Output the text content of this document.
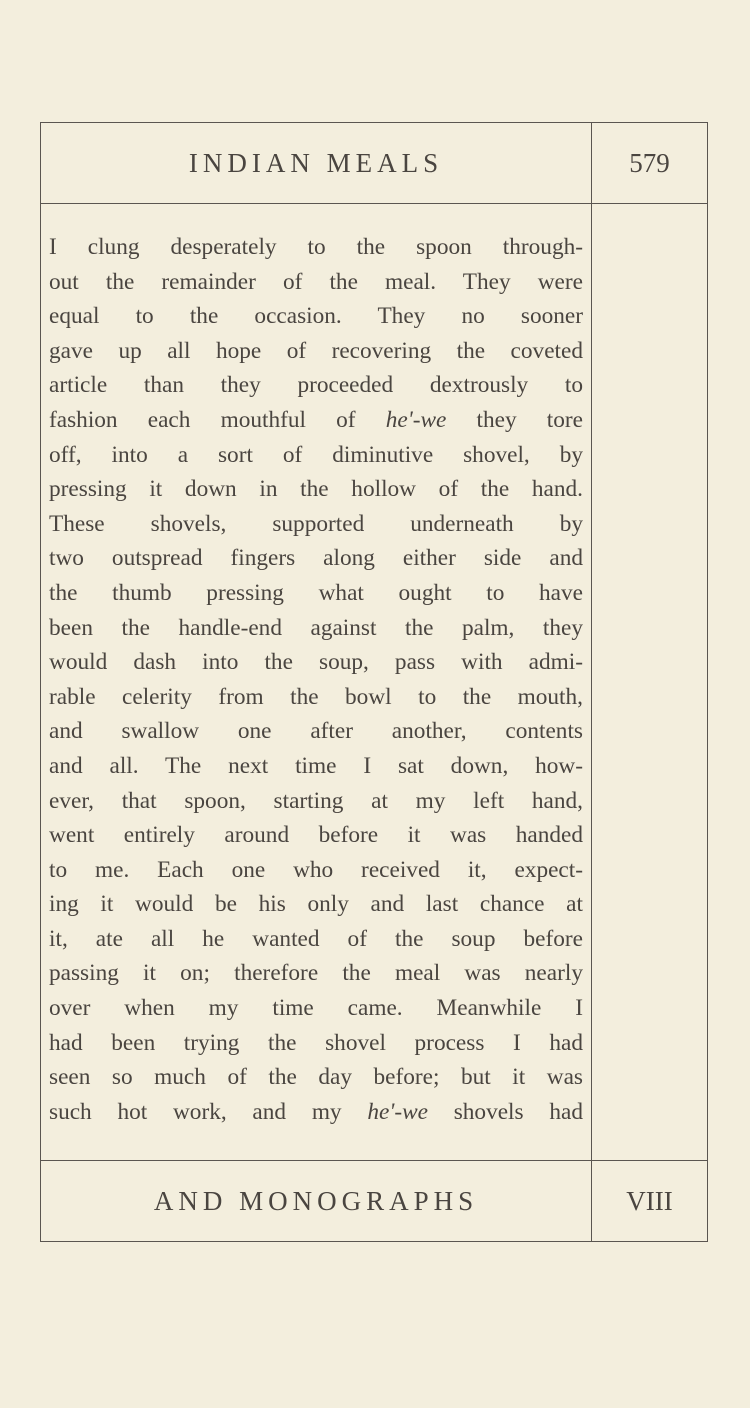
INDIAN MEALS	579
I clung desperately to the spoon through-
out the remainder of the meal. They were
equal to the occasion. They no sooner
gave up all hope of recovering the coveted
article than they proceeded dextrously to
fashion each mouthful of he'-we they tore
off, into a sort of diminutive shovel, by
pressing it down in the hollow of the hand.
These shovels, supported underneath by
two outspread fingers along either side and
the thumb pressing what ought to have
been the handle-end against the palm, they
would dash into the soup, pass with admi-
rable celerity from the bowl to the mouth,
and swallow one after another, contents
and all. The next time I sat down, how-
ever, that spoon, starting at my left hand,
went entirely around before it was handed
to me. Each one who received it, expect-
ing it would be his only and last chance at
it, ate all he wanted of the soup before
passing it on; therefore the meal was nearly
over when my time came. Meanwhile I
had been trying the shovel process I had
seen so much of the day before; but it was
such hot work, and my he'-we shovels had
AND MONOGRAPHS	VIII
